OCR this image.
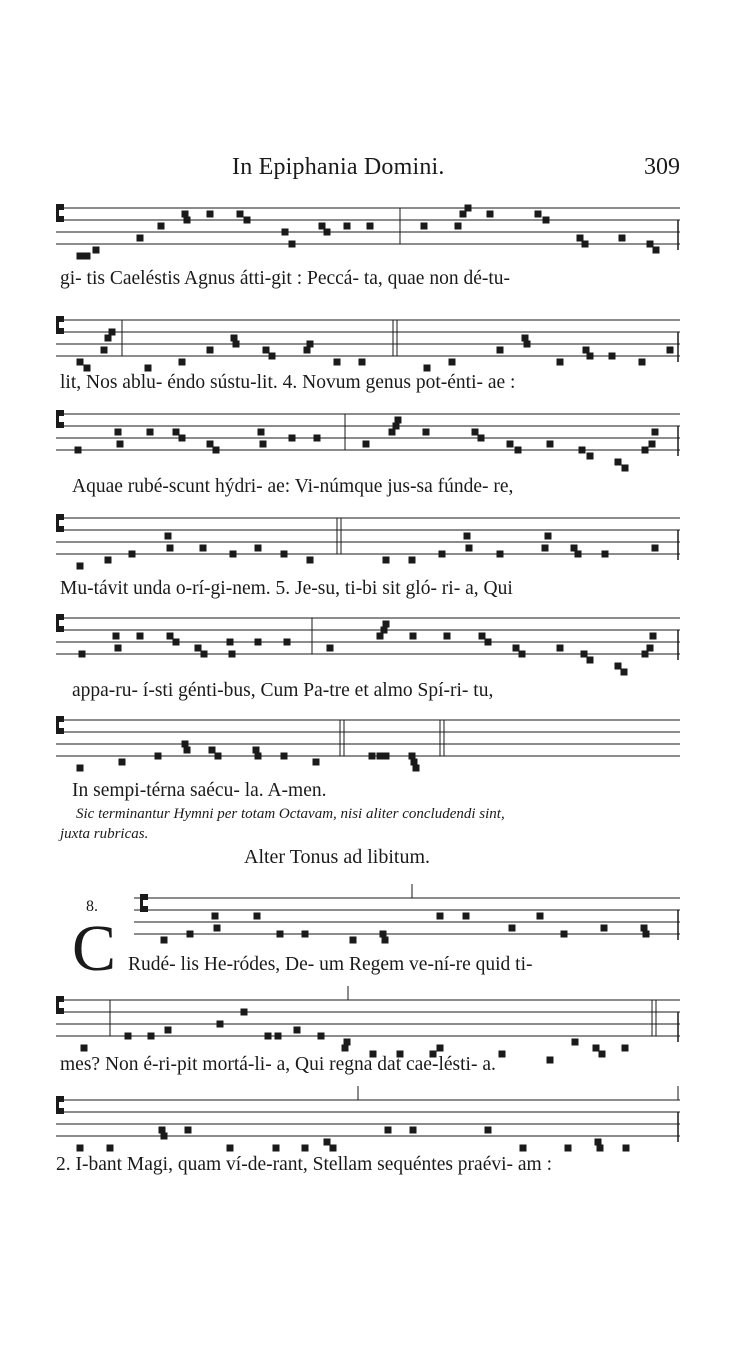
In Epiphania Domini.	309
gi- tis Caeléstis Agnus átti-git : Peccá- ta, quae non dé-tu-
lit, Nos ablu- éndo sústu-lit. 4. Novum genus pot-énti- ae :
Aquae rubé-scunt hýdri- ae: Vi-númque jus-sa fúnde- re,
Mu-távit unda o-rí-gi-nem. 5. Je-su, ti-bi sit gló- ri- a, Qui
appa-ru- í-sti génti-bus, Cum Pa-tre et almo Spí-ri- tu,
In sempi-térna saécu- la. A-men.
Sic terminantur Hymni per totam Octavam, nisi aliter concludendi sint,
juxta rubricas.
Alter Tonus ad libitum.
8.
C Rudé- lis He-ródes, De- um Regem ve-ní-re quid ti-
mes? Non é-ri-pit mortá-li- a, Qui regna dat cae-lésti- a.
2. I-bant Magi, quam ví-de-rant, Stellam sequéntes praévi- am :
